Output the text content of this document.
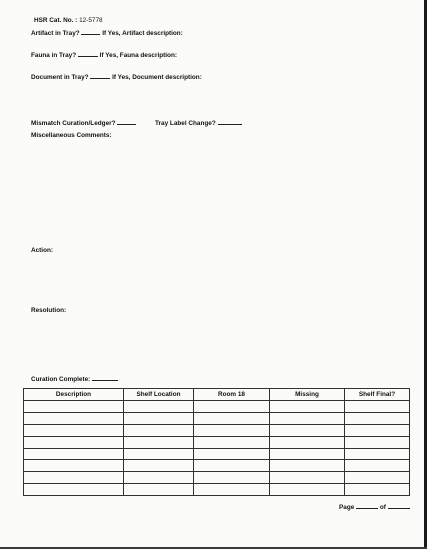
HSR Cat. No. : 12-5778
Artifact in Tray?	If Yes, Artifact description:
Fauna in Tray?	If Yes, Fauna description:
Document in Tray?	If Yes, Document description:
Mismatch Curation/Ledger?	Tray Label Change?
Miscellaneous Comments:
Action:
Resolution:
Curation Complete:
Description	Shelf Location	Room 18	Missing	Shelf Final?

Page	of
